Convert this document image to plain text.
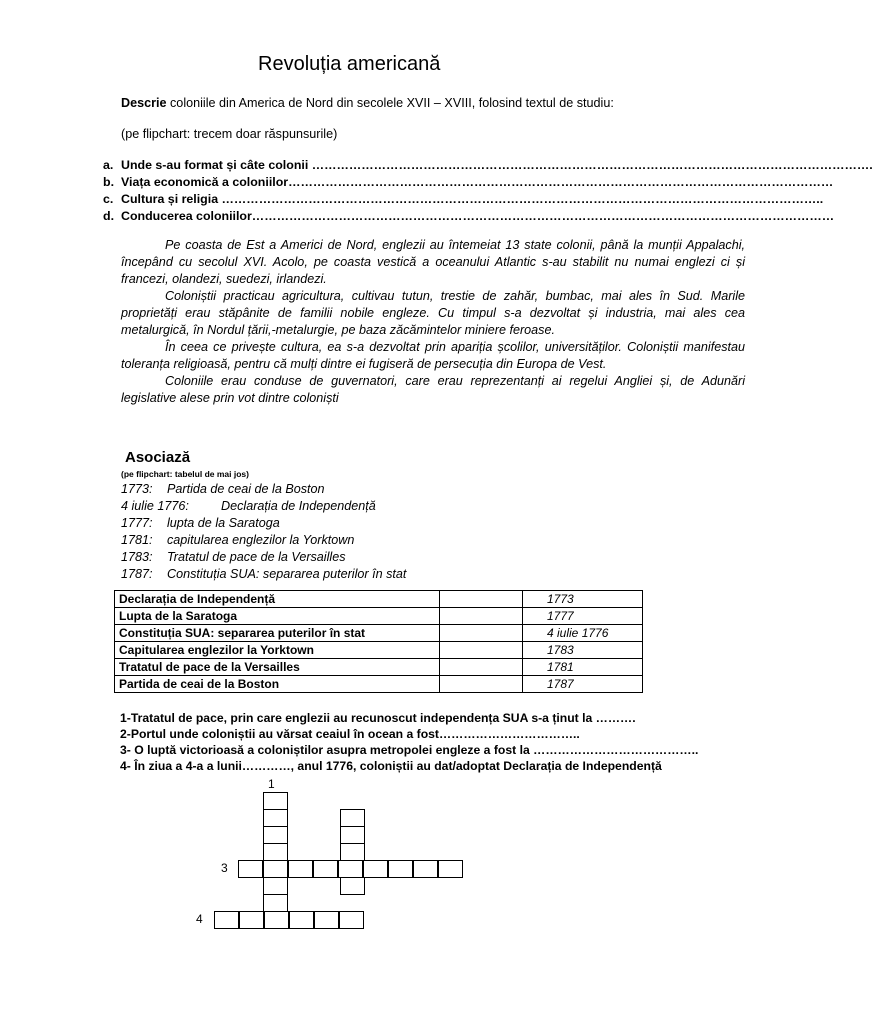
Revoluția americană
Descrie coloniile din America de Nord din secolele XVII – XVIII, folosind textul de studiu:
(pe flipchart: trecem doar răspunsurile)
a. Unde s-au format și câte colonii ……………………………………………………………………………………………………………………….
b. Viața economică a coloniilor……………………………………………………………………………………………………………………
c. Cultura și religia ………………………………………………………………………………………………………………………………..
d. Conducerea coloniilor……………………………………………………………………………………………………………………………

Pe coasta de Est a Americi de Nord, englezii au întemeiat 13 state colonii, până la munții Appalachi, începând cu secolul XVI. Acolo, pe coasta vestică a oceanului Atlantic s-au stabilit nu numai englezi ci și francezi, olandezi, suedezi, irlandezi.

Coloniștii practicau agricultura, cultivau tutun, trestie de zahăr, bumbac, mai ales în Sud. Marile proprietăți erau stăpânite de familii nobile engleze. Cu timpul s-a dezvoltat și industria, mai ales cea metalurgică, în Nordul țării,-metalurgie, pe baza zăcămintelor miniere feroase.

În ceea ce privește cultura, ea s-a dezvoltat prin apariția școlilor, universităților. Coloniștii manifestau toleranța religioasă, pentru că mulți dintre ei fugiseră de persecuția din Europa de Vest.

Coloniile erau conduse de guvernatori, care erau reprezentanți ai regelui Angliei și, de Adunări legislative alese prin vot dintre coloniști

Asociază
(pe flipchart: tabelul de mai jos)
1773: Partida de ceai de la Boston
4 iulie 1776:	Declarația de Independență
1777: lupta de la Saratoga
1781: capitularea englezilor la Yorktown
1783: Tratatul de pace de la Versailles
1787: Constituția SUA: separarea puterilor în stat
Declarația de Independență		1773
Lupta de la Saratoga		1777
Constituția SUA: separarea puterilor în stat		4 iulie 1776
Capitularea englezilor la Yorktown		1783
Tratatul de pace de la Versailles		1781
Partida de ceai de la Boston		1787
1-Tratatul de pace, prin care englezii au recunoscut independența SUA s-a ținut la ……….
2-Portul unde coloniștii au vărsat ceaiul în ocean a fost……………………………..
3- O luptă victorioasă a coloniștilor asupra metropolei engleze a fost la …………………………………..
4- În ziua a 4-a a lunii…………, anul 1776, coloniștii au dat/adoptat Declarația de Independență
1
3
4
